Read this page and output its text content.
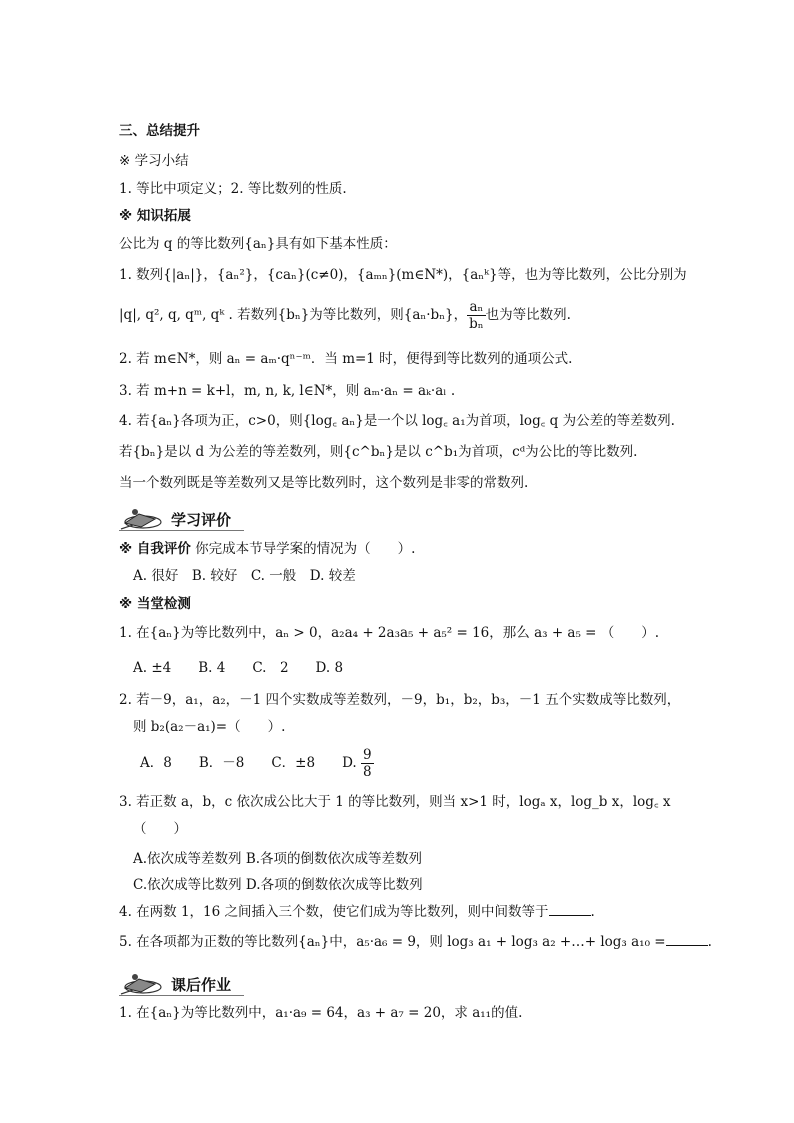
三、总结提升
※ 学习小结
1. 等比中项定义；2. 等比数列的性质.
※ 知识拓展
公比为 q 的等比数列{aₙ}具有如下基本性质：
1. 数列{|aₙ|}，{aₙ²}，{caₙ}(c≠0)，{aₘₙ}(m∈N*)，{aₙᵏ}等，也为等比数列，公比分别为
|q|, q², q, qᵐ, qᵏ . 若数列{bₙ}为等比数列，则{aₙ·bₙ}， $\frac{\text{aₙ}}{\text{bₙ}}$ 也为等比数列.
2. 若 m∈N*，则 aₙ = aₘ·qⁿ⁻ᵐ．当 m=1 时，便得到等比数列的通项公式.
3. 若 m+n = k+l，m, n, k, l∈N*，则 aₘ·aₙ = aₖ·aₗ .
4. 若{aₙ}各项为正，c>0，则{log꜀ aₙ}是一个以 log꜀ a₁为首项，log꜀ q 为公差的等差数列.
若{bₙ}是以 d 为公差的等差数列，则{c^bₙ}是以 c^b₁为首项，cᵈ为公比的等比数列.
当一个数列既是等差数列又是等比数列时，这个数列是非零的常数列.
学习评价
※ 自我评价 你完成本节导学案的情况为（　　）.
A. 很好　B. 较好　C. 一般　D. 较差
※ 当堂检测
1. 在{aₙ}为等比数列中，aₙ > 0，a₂a₄ + 2a₃a₅ + a₅² = 16，那么 a₃ + a₅ = （　　）.
A. ±4　　B. 4　　C.　2　　D. 8
2. 若－9，a₁，a₂，－1 四个实数成等差数列，－9，b₁，b₂，b₃，－1 五个实数成等比数列，
则 b₂(a₂－a₁)=（　　）.
A．8　　B．－8　　C．±8　　D. $\frac{9}{8}$
3. 若正数 a，b，c 依次成公比大于 1 的等比数列，则当 x>1 时，logₐ x，log_b x，log꜀ x
（　　）
A.依次成等差数列 B.各项的倒数依次成等差数列
C.依次成等比数列 D.各项的倒数依次成等比数列
4. 在两数 1，16 之间插入三个数，使它们成为等比数列，则中间数等于	.
5. 在各项都为正数的等比数列{aₙ}中，a₅·a₆ = 9，则 log₃ a₁ + log₃ a₂ +…+ log₃ a₁₀ =	.
课后作业
1. 在{aₙ}为等比数列中，a₁·a₉ = 64，a₃ + a₇ = 20，求 a₁₁的值.
